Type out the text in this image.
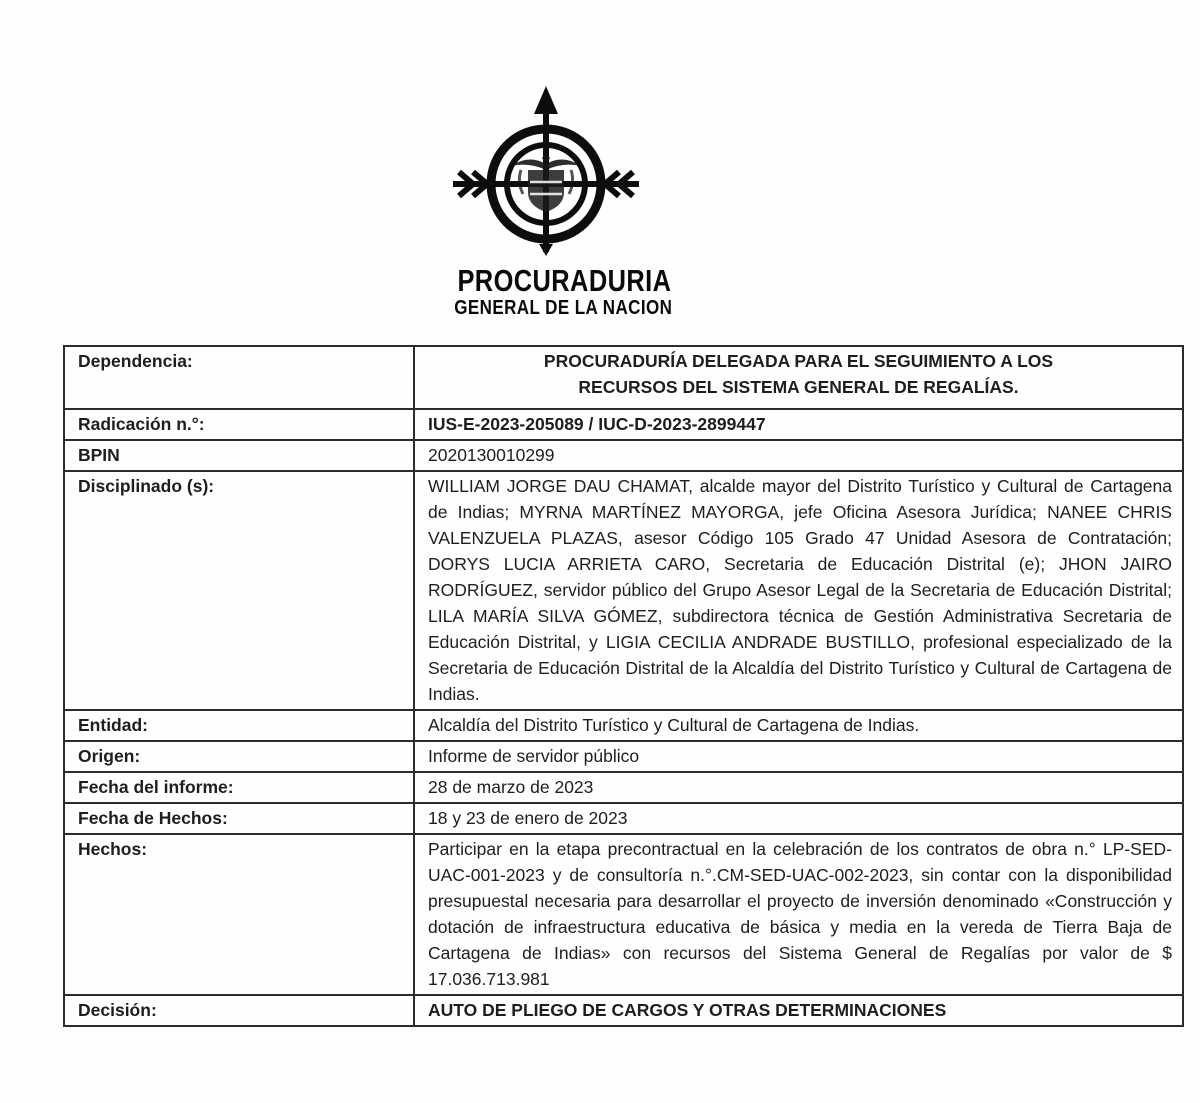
PROCURADURIA
GENERAL DE LA NACION
Dependencia:	PROCURADURÍA DELEGADA PARA EL SEGUIMIENTO A LOS RECURSOS DEL SISTEMA GENERAL DE REGALÍAS.
Radicación n.°:	IUS-E-2023-205089 / IUC-D-2023-2899447
BPIN	2020130010299
Disciplinado (s):	WILLIAM JORGE DAU CHAMAT, alcalde mayor del Distrito Turístico y Cultural de Cartagena de Indias; MYRNA MARTÍNEZ MAYORGA, jefe Oficina Asesora Jurídica; NANEE CHRIS VALENZUELA PLAZAS, asesor Código 105 Grado 47 Unidad Asesora de Contratación; DORYS LUCIA ARRIETA CARO, Secretaria de Educación Distrital (e); JHON JAIRO RODRÍGUEZ, servidor público del Grupo Asesor Legal de la Secretaria de Educación Distrital; LILA MARÍA SILVA GÓMEZ, subdirectora técnica de Gestión Administrativa Secretaria de Educación Distrital, y LIGIA CECILIA ANDRADE BUSTILLO, profesional especializado de la Secretaria de Educación Distrital de la Alcaldía del Distrito Turístico y Cultural de Cartagena de Indias.
Entidad:	Alcaldía del Distrito Turístico y Cultural de Cartagena de Indias.
Origen:	Informe de servidor público
Fecha del informe:	28 de marzo de 2023
Fecha de Hechos:	18 y 23 de enero de 2023
Hechos:	Participar en la etapa precontractual en la celebración de los contratos de obra n.° LP-SED-UAC-001-2023 y de consultoría n.°.CM-SED-UAC-002-2023, sin contar con la disponibilidad presupuestal necesaria para desarrollar el proyecto de inversión denominado «Construcción y dotación de infraestructura educativa de básica y media en la vereda de Tierra Baja de Cartagena de Indias» con recursos del Sistema General de Regalías por valor de $ 17.036.713.981
Decisión:	AUTO DE PLIEGO DE CARGOS Y OTRAS DETERMINACIONES
